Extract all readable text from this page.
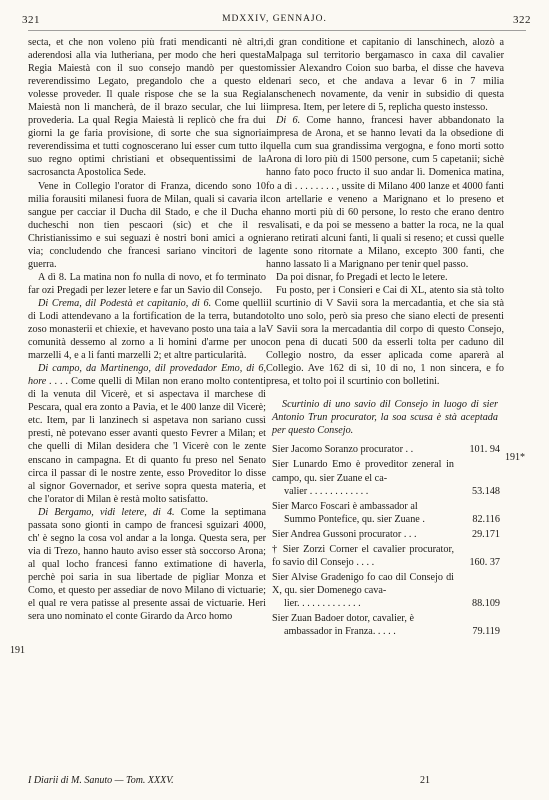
321	MDXXIV, GENNAJO.	322
191
191*

secta, et che non voleno più frati mendicanti nè altri, aderendosi alla via lutheriana, per modo che heri questa Regia Maiestà con il suo consejo mandò per questo reverendissimo Legato, pregandolo che a questo el volesse proveder. Il quale rispose che se la sua Regia Maiestà non li mancherà, de il brazo secular, che lui li provederia. La qual Regia Maiestà li replicò che fra dui giorni la ge faria provisione, di sorte che sua signoria reverendissima et tutti cognoscerano lui esser cum tutto il suo regno optimi christiani et obsequentissimi de la sacrosancta Apostolica Sede.

Vene in Collegio l'orator di Franza, dicendo sono 10 milia forausiti milanesi fuora de Milan, quali si cavaria il sangue per cacciar il Ducha dil Stado, e che il Ducha e ducheschi non tien pescaori (sic) et che il re Christianissimo e sui seguazi è nostri boni amici a ogni via; concludendo che francesi sariano vincitori de la guerra.

A dì 8. La matina non fo nulla di novo, et fo terminato far ozi Pregadi per lezer letere e far un Savio dil Consejo.

Di Crema, dil Podestà et capitanio, di 6. Come quelli di Lodi attendevano a la fortification de la terra, butando zoso monasterii et chiexie, et havevano posto una taia a la comunità dessemo al zorno a li homini d'arme per uno marzelli 4, e a li fanti marzelli 2; et altre particularità.

Di campo, da Martinengo, dil provedador Emo, di 6, hore . . . . Come quelli di Milan non erano molto contenti di la venuta dil Vicerè, et si aspectava il marchese di Pescara, qual era zonto a Pavia, et le 400 lanze dil Vicerè; etc. Item, par li lanzinech si aspetava non sariano cussì presti, nè potevano esser avanti questo Fevrer a Milan; et che quelli di Milan desidera che 'l Vicerè con le zente enscano in campagna. Et di quanto fu preso nel Senato circa il passar di le nostre zente, esso Proveditor lo disse al signor Governador, et serive sopra questa materia, et che l'orator di Milan è restà molto satisfatto.

Di Bergamo, vidi letere, di 4. Come la septimana passata sono gionti in campo de francesi sguizari 4000, ch' è segno la cosa vol andar a la longa. Questa sera, per via di Trezo, hanno hauto aviso esser stà soccorso Arona; al qual locho francesi fanno extimatione di haverla, perchè poi saria in sua libertade de pigliar Monza et Como, et questo per assediar de novo Milano di victuarie; el qual re vera patisse al presente assai de victuarie. Heri sera uno nominato el conte Girardo da Arco homo

di gran conditione et capitanio di lanschinech, alozò a Malpaga sul territorio bergamasco in caxa dil cavalier missier Alexandro Coion suo barba, el disse che haveva denari seco, et che andava a levar 6 in 7 milia lanschenech novamente, da venir in subsidio di questa impresa. Item, per letere di 5, replicha questo instesso.

Di 6. Come hanno, francesi haver abbandonato la impresa de Arona, et se hanno levati da la obsedione di quella cum sua grandissima vergogna, e fono morti sotto Arona di loro più di 1500 persone, cum 5 capetanii; sichè hanno fato poco fructo il suo andar lì. Domenica matina, fo a dì . . . . . . . . , ussite di Milano 400 lanze et 4000 fanti con artellarie e veneno a Marignano et lo preseno et hanno morti più di 60 persone, lo resto che erano dentro svalisati, e da poi se messeno a batter la roca, ne la qual erano retirati alcuni fanti, li quali si reseno; et cussì quelle gente sono ritornate a Milano, excepto 300 fanti, che hanno lassato lì a Marignano per tenir quel passo.

Da poi disnar, fo Pregadi et lecto le letere.

Fu posto, per i Consieri e Cai di XL, atento sia stà tolto il scurtinio di V Savii sora la mercadantia, et che sia stà tolto uno solo, però sia preso che siano electi de presenti V Savii sora la mercadantia dil corpo di questo Consejo, con pena di ducati 500 da esserli tolta per caduno dil Collegio nostro, da esser aplicada come aparerà al Collegio. Ave 162 di sì, 10 di no, 1 non sincera, e fo presa, et tolto poi il scurtinio con bolletini.

Scurtinio di uno savio dil Consejo in luogo di sier Antonio Trun procurator, la soa scusa è stà aceptada per questo Consejo.

Sier Jacomo Soranzo procurator . .	101. 94
Sier Lunardo Emo è proveditor zeneral in campo, qu. sier Zuane el ca-
valier . . . . . . . . . . . .	53.148
Sier Marco Foscari è ambassador al
Summo Pontefice, qu. sier Zuane .	82.116
Sier Andrea Gussoni procurator . . .	29.171
† Sier Zorzi Corner el cavalier procurator, fo savio dil Consejo . . . .	160. 37
Sier Alvise Gradenigo fo cao dil Consejo di X, qu. sier Domenego cava-
lier. . . . . . . . . . . . .	88.109
Sier Zuan Badoer dotor, cavalier, è
ambassador in Franza. . . . .	79.119
I Diarii di M. Sanuto — Tom. XXXV.	21
